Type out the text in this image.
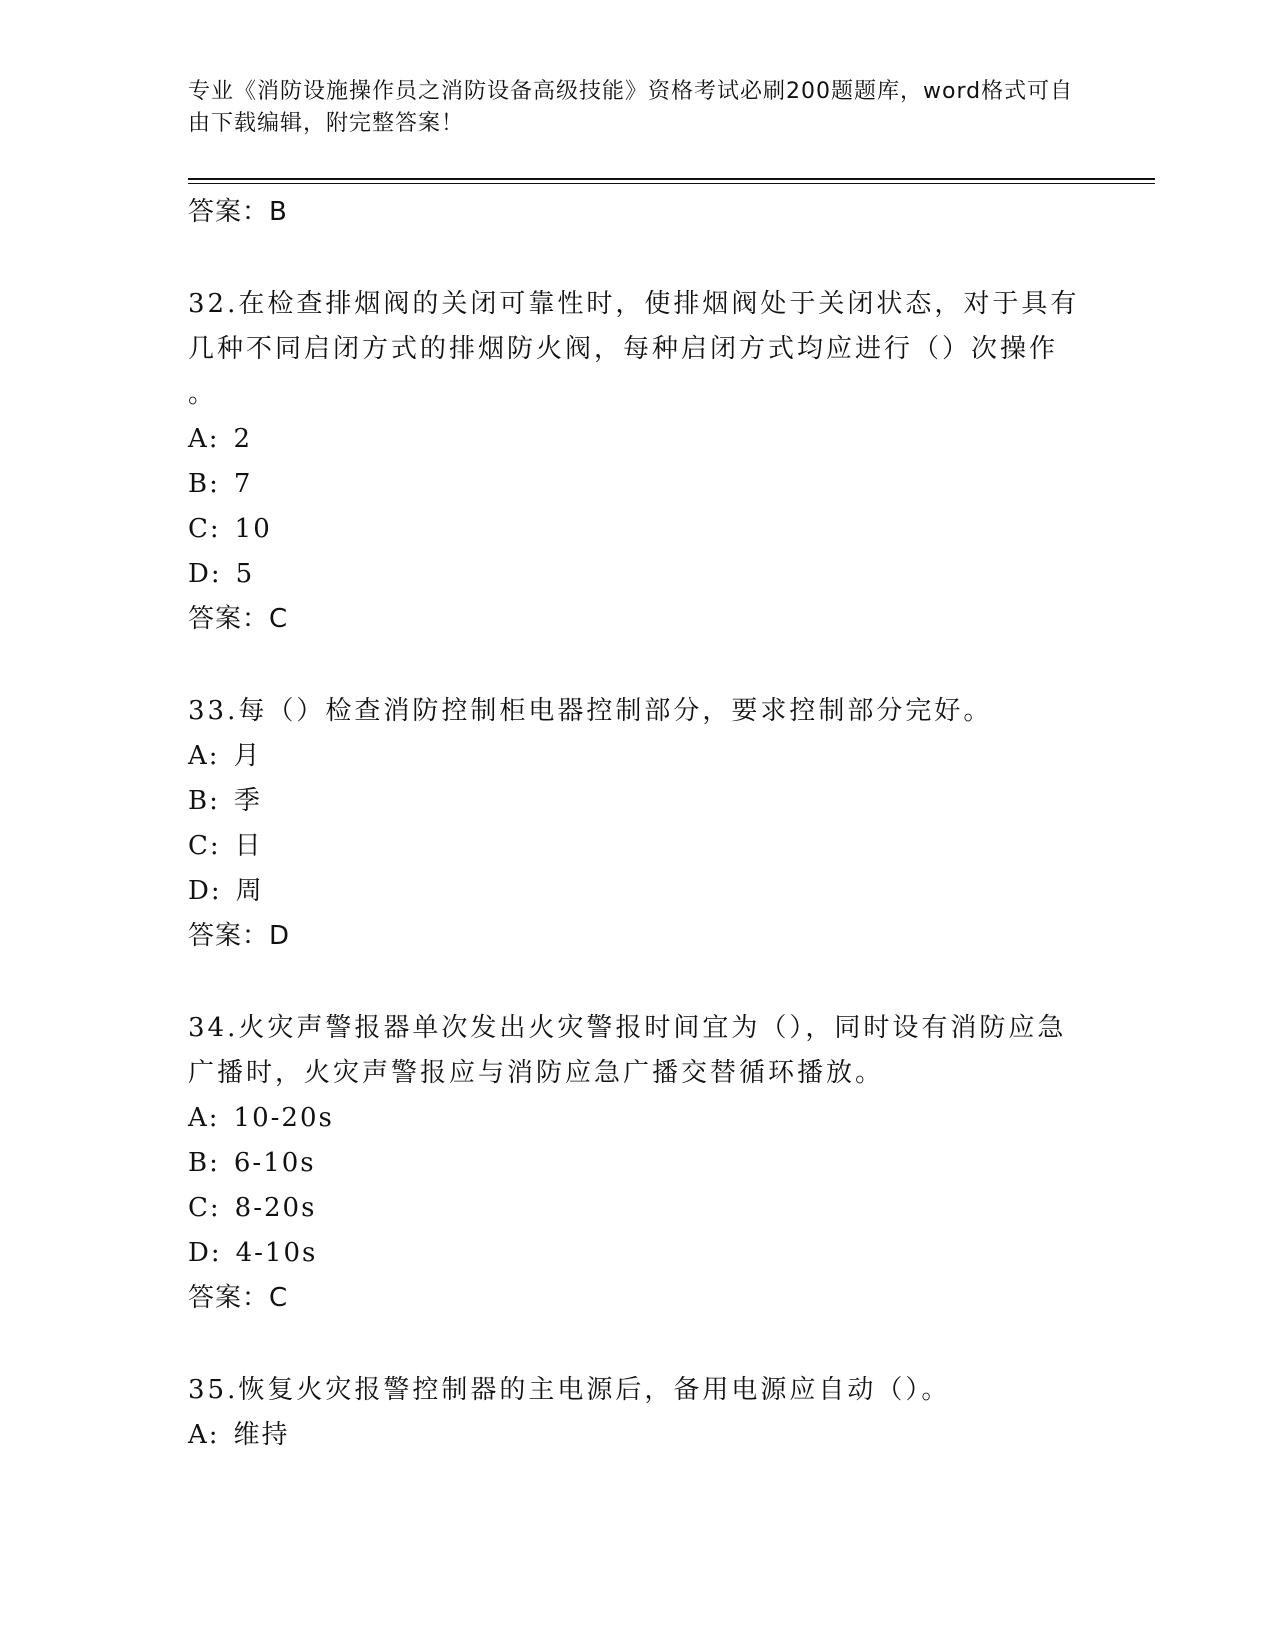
专业《消防设施操作员之消防设备高级技能》资格考试必刷200题题库，word格式可自由下载编辑，附完整答案！
答案：B
32.在检查排烟阀的关闭可靠性时，使排烟阀处于关闭状态，对于具有
几种不同启闭方式的排烟防火阀，每种启闭方式均应进行（）次操作
。
A: 2
B: 7
C: 10
D: 5
答案：C
33.每（）检查消防控制柜电器控制部分，要求控制部分完好。
A: 月
B: 季
C: 日
D: 周
答案：D
34.火灾声警报器单次发出火灾警报时间宜为（），同时设有消防应急
广播时，火灾声警报应与消防应急广播交替循环播放。
A: 10-20s
B: 6-10s
C: 8-20s
D: 4-10s
答案：C
35.恢复火灾报警控制器的主电源后，备用电源应自动（）。
A: 维持
